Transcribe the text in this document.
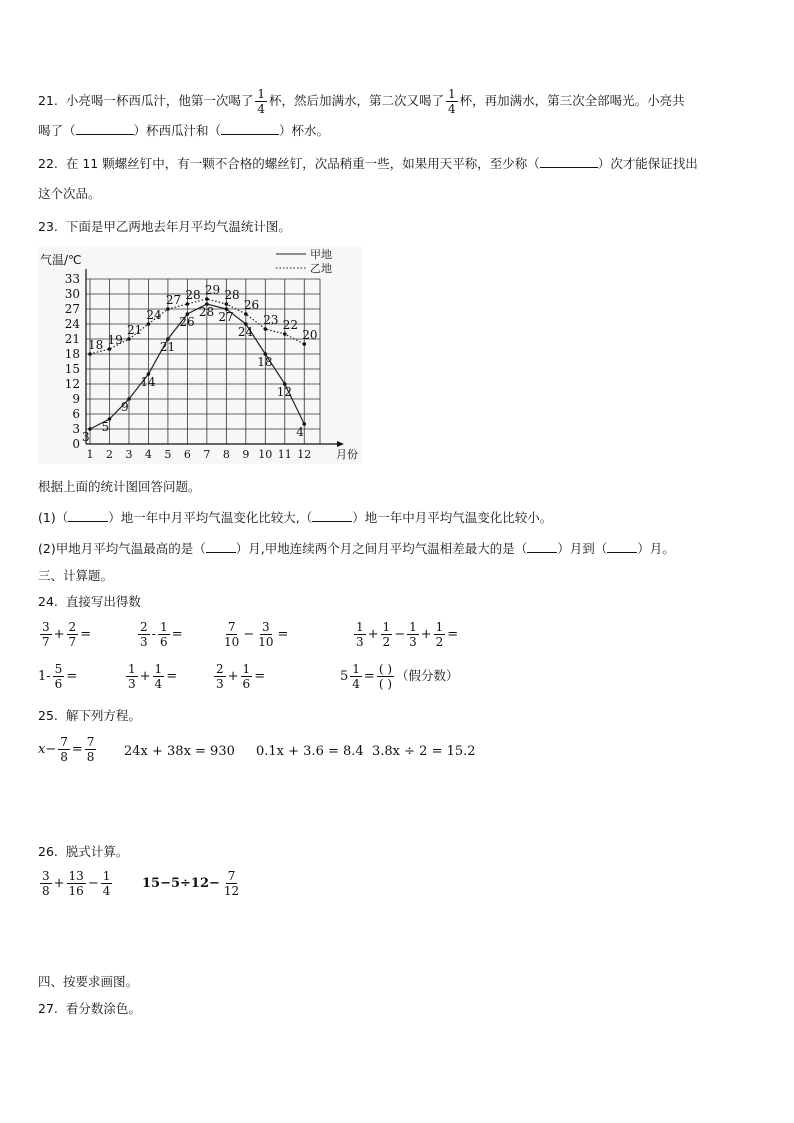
21. 小亮喝一杯西瓜汁，他第一次喝了 $\frac{1}{4}$ 杯，然后加满水，第二次又喝了 $\frac{1}{4}$ 杯，再加满水，第三次全部喝光。小亮共
喝了（	）杯西瓜汁和（	）杯水。
22. 在 11 颗螺丝钉中，有一颗不合格的螺丝钉，次品稍重一些，如果用天平称，至少称（	）次才能保证找出
这个次品。
23. 下面是甲乙两地去年月平均气温统计图。
0
3
6
9
12
15
18
21
24
27
30
33
1 2 3 4 5 6 7 8 9 10 11 12
气温/℃
月份
甲地
乙地
3
5
9
14
21
26
28 27
24
18
12
4
18 19
21
24
27 28 29 28
26
23 22
20
根据上面的统计图回答问题。
(1)（	）地一年中月平均气温变化比较大,（	）地一年中月平均气温变化比较小。
(2)甲地月平均气温最高的是（ ）月,甲地连续两个月之间月平均气温相差最大的是（ ）月到（ ）月。
三、计算题。
24. 直接写出得数
$\frac{3}{7} + \frac{2}{7}$ =	$\frac{2}{3} - \frac{1}{6}$ =	$\frac{7}{10} - \frac{3}{10}$ =	$\frac{1}{3} + \frac{1}{2} - \frac{1}{3} + \frac{1}{2}$ =
$1- \frac{5}{6}$ =	$\frac{1}{3} + \frac{1}{4}$ =	$\frac{2}{3} + \frac{1}{6}$ =	$5 \frac{1}{4} = \frac{( )}{( )}$ （假分数）
25. 解下列方程。
$x- \frac{7}{8} = \frac{7}{8} 24x + 38x = 930$ 0.1x + 3.6 = 8.4 3.8x ÷ 2 = 15.2
26. 脱式计算。
$\frac{3}{8} + \frac{13}{16} - \frac{1}{4} 15-5\div 12- \frac{7}{12}$
四、按要求画图。
27. 看分数涂色。
